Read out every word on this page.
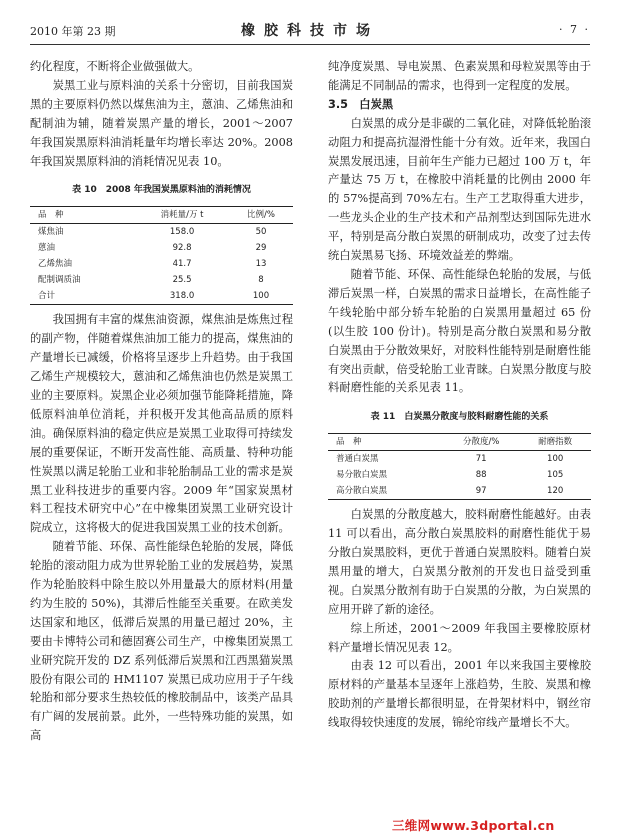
2010 年第 23 期	橡胶科技市场	· 7 ·

约化程度，不断将企业做强做大。

炭黑工业与原料油的关系十分密切，目前我国炭黑的主要原料仍然以煤焦油为主，蒽油、乙烯焦油和配制油为辅，随着炭黑产量的增长，2001～2007 年我国炭黑原料油消耗量年均增长率达 20%。2008 年我国炭黑原料油的消耗情况见表 10。

表 10　2008 年我国炭黑原料油的消耗情况
品　种	消耗量/万 t	比例/%
煤焦油	158.0	50
蒽油	92.8	29
乙烯焦油	41.7	13
配制调质油	25.5	8
合计	318.0	100

我国拥有丰富的煤焦油资源，煤焦油是炼焦过程的副产物，伴随着煤焦油加工能力的提高，煤焦油的产量增长已减缓，价格将呈逐步上升趋势。由于我国乙烯生产规模较大，蒽油和乙烯焦油也仍然是炭黑工业的主要原料。炭黑企业必须加强节能降耗措施，降低原料油单位消耗，并积极开发其他高品质的原料油。确保原料油的稳定供应是炭黑工业取得可持续发展的重要保证，不断开发高性能、高质量、特种功能性炭黑以满足轮胎工业和非轮胎制品工业的需求是炭黑工业科技进步的重要内容。2009 年“国家炭黑材料工程技术研究中心”在中橡集团炭黑工业研究设计院成立，这将极大的促进我国炭黑工业的技术创新。

随着节能、环保、高性能绿色轮胎的发展，降低轮胎的滚动阻力成为世界轮胎工业的发展趋势，炭黑作为轮胎胶料中除生胶以外用量最大的原材料(用量约为生胶的 50%)，其滞后性能至关重要。在欧美发达国家和地区，低滞后炭黑的用量已超过 20%，主要由卡博特公司和德固赛公司生产，中橡集团炭黑工业研究院开发的 DZ 系列低滞后炭黑和江西黑猫炭黑股份有限公司的 HM1107 炭黑已成功应用于子午线轮胎和部分要求生热较低的橡胶制品中，该类产品具有广阔的发展前景。此外，一些特殊功能的炭黑，如高

纯净度炭黑、导电炭黑、色素炭黑和母粒炭黑等由于能满足不同制品的需求，也得到一定程度的发展。

3.5　白炭黑

白炭黑的成分是非碳的二氧化硅，对降低轮胎滚动阻力和提高抗湿滑性能十分有效。近年来，我国白炭黑发展迅速，目前年生产能力已超过 100 万 t，年产量达 75 万 t，在橡胶中消耗量的比例由 2000 年的 57%提高到 70%左右。生产工艺取得重大进步，一些龙头企业的生产技术和产品剂型达到国际先进水平，特别是高分散白炭黑的研制成功，改变了过去传统白炭黑易飞扬、环境效益差的弊端。

随着节能、环保、高性能绿色轮胎的发展，与低滞后炭黑一样，白炭黑的需求日益增长，在高性能子午线轮胎中部分轿车轮胎的白炭黑用量超过 65 份(以生胶 100 份计)。特别是高分散白炭黑和易分散白炭黑由于分散效果好，对胶料性能特别是耐磨性能有突出贡献，倍受轮胎工业青睐。白炭黑分散度与胶料耐磨性能的关系见表 11。

表 11　白炭黑分散度与胶料耐磨性能的关系
品　种	分散度/%	耐磨指数
普通白炭黑	71	100
易分散白炭黑	88	105
高分散白炭黑	97	120

白炭黑的分散度越大，胶料耐磨性能越好。由表 11 可以看出，高分散白炭黑胶料的耐磨性能优于易分散白炭黑胶料，更优于普通白炭黑胶料。随着白炭黑用量的增大，白炭黑分散剂的开发也日益受到重视。白炭黑分散剂有助于白炭黑的分散，为白炭黑的应用开辟了新的途径。

综上所述，2001～2009 年我国主要橡胶原材料产量增长情况见表 12。

由表 12 可以看出，2001 年以来我国主要橡胶原材料的产量基本呈逐年上涨趋势，生胶、炭黑和橡胶助剂的产量增长都很明显，在骨架材料中，钢丝帘线取得较快速度的发展，锦纶帘线产量增长不大。

三维网www.3dportal.cn
